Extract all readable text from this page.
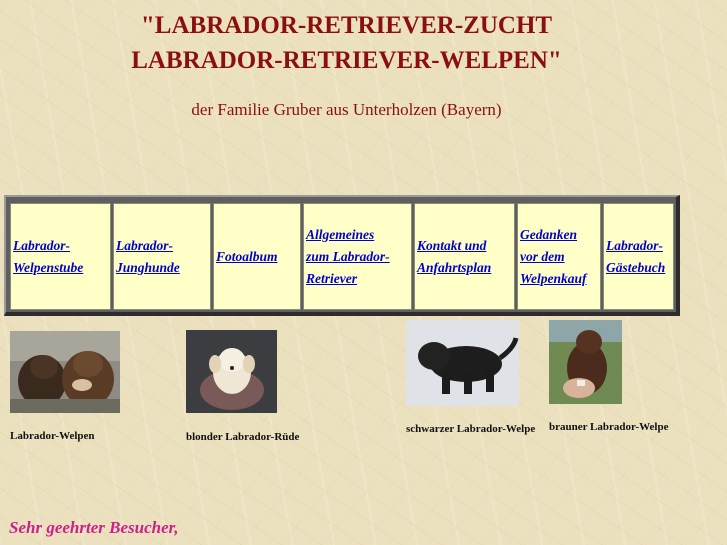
"LABRADOR-RETRIEVER-ZUCHT
LABRADOR-RETRIEVER-WELPEN"
der Familie Gruber aus Unterholzen (Bayern)
Labrador-Welpenstube
Labrador-Junghunde
Fotoalbum
Allgemeines zum Labrador-Retriever
Kontakt und Anfahrtsplan
Gedanken vor dem Welpenkauf
Labrador-Gästebuch
Labrador-Welpen	blonder Labrador-Rüde
schwarzer Labrador-Welpe brauner Labrador-Welpe
Sehr geehrter Besucher,
